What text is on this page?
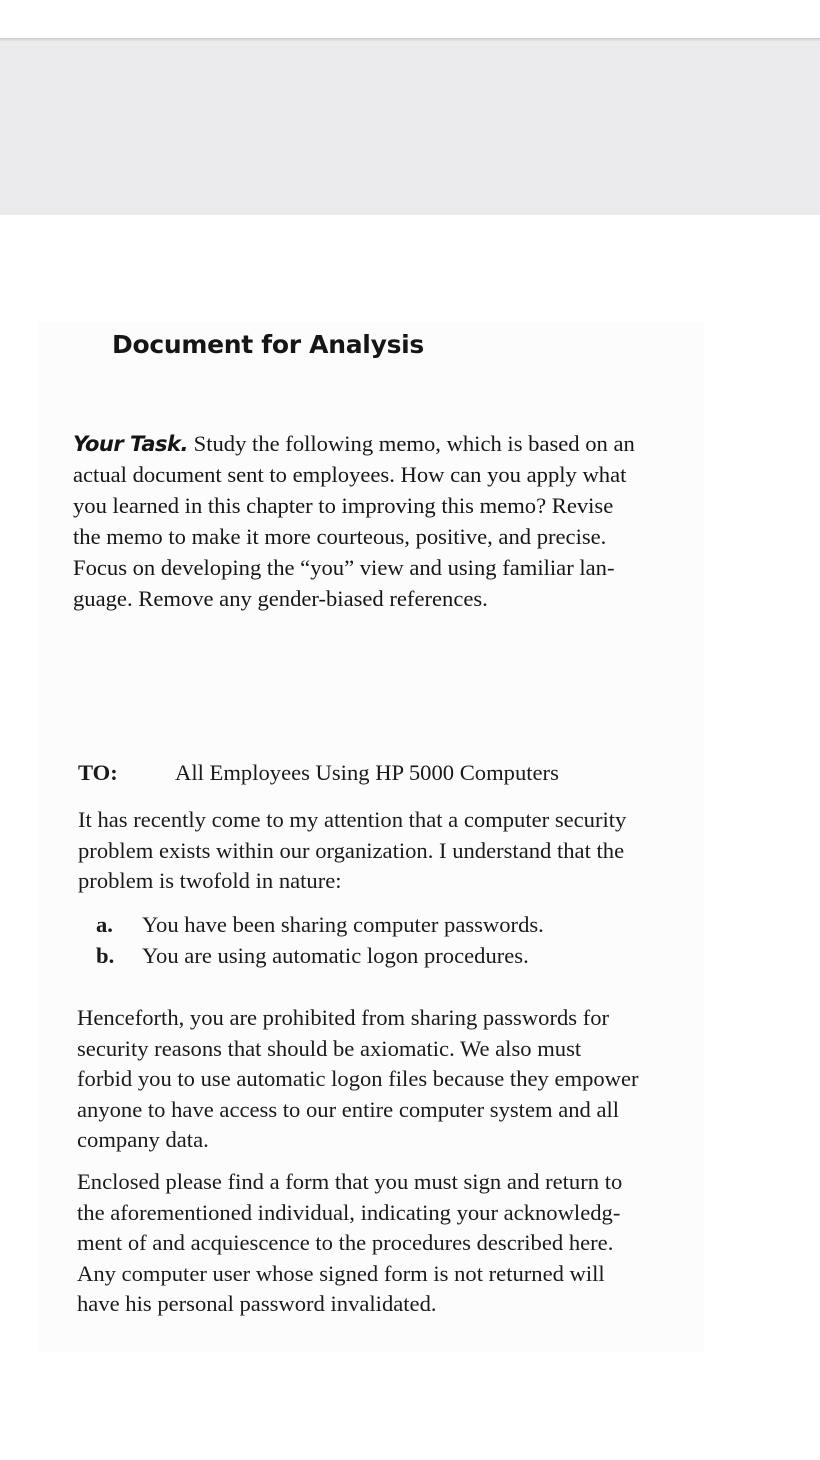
Document for Analysis
Your Task. Study the following memo, which is based on an
actual document sent to employees. How can you apply what
you learned in this chapter to improving this memo? Revise
the memo to make it more courteous, positive, and precise.
Focus on developing the “you” view and using familiar lan-
guage. Remove any gender-biased references.
TO:	All Employees Using HP 5000 Computers
It has recently come to my attention that a computer security
problem exists within our organization. I understand that the
problem is twofold in nature:
a. You have been sharing computer passwords.
b. You are using automatic logon procedures.
Henceforth, you are prohibited from sharing passwords for
security reasons that should be axiomatic. We also must
forbid you to use automatic logon files because they empower
anyone to have access to our entire computer system and all
company data.
Enclosed please find a form that you must sign and return to
the aforementioned individual, indicating your acknowledg-
ment of and acquiescence to the procedures described here.
Any computer user whose signed form is not returned will
have his personal password invalidated.
